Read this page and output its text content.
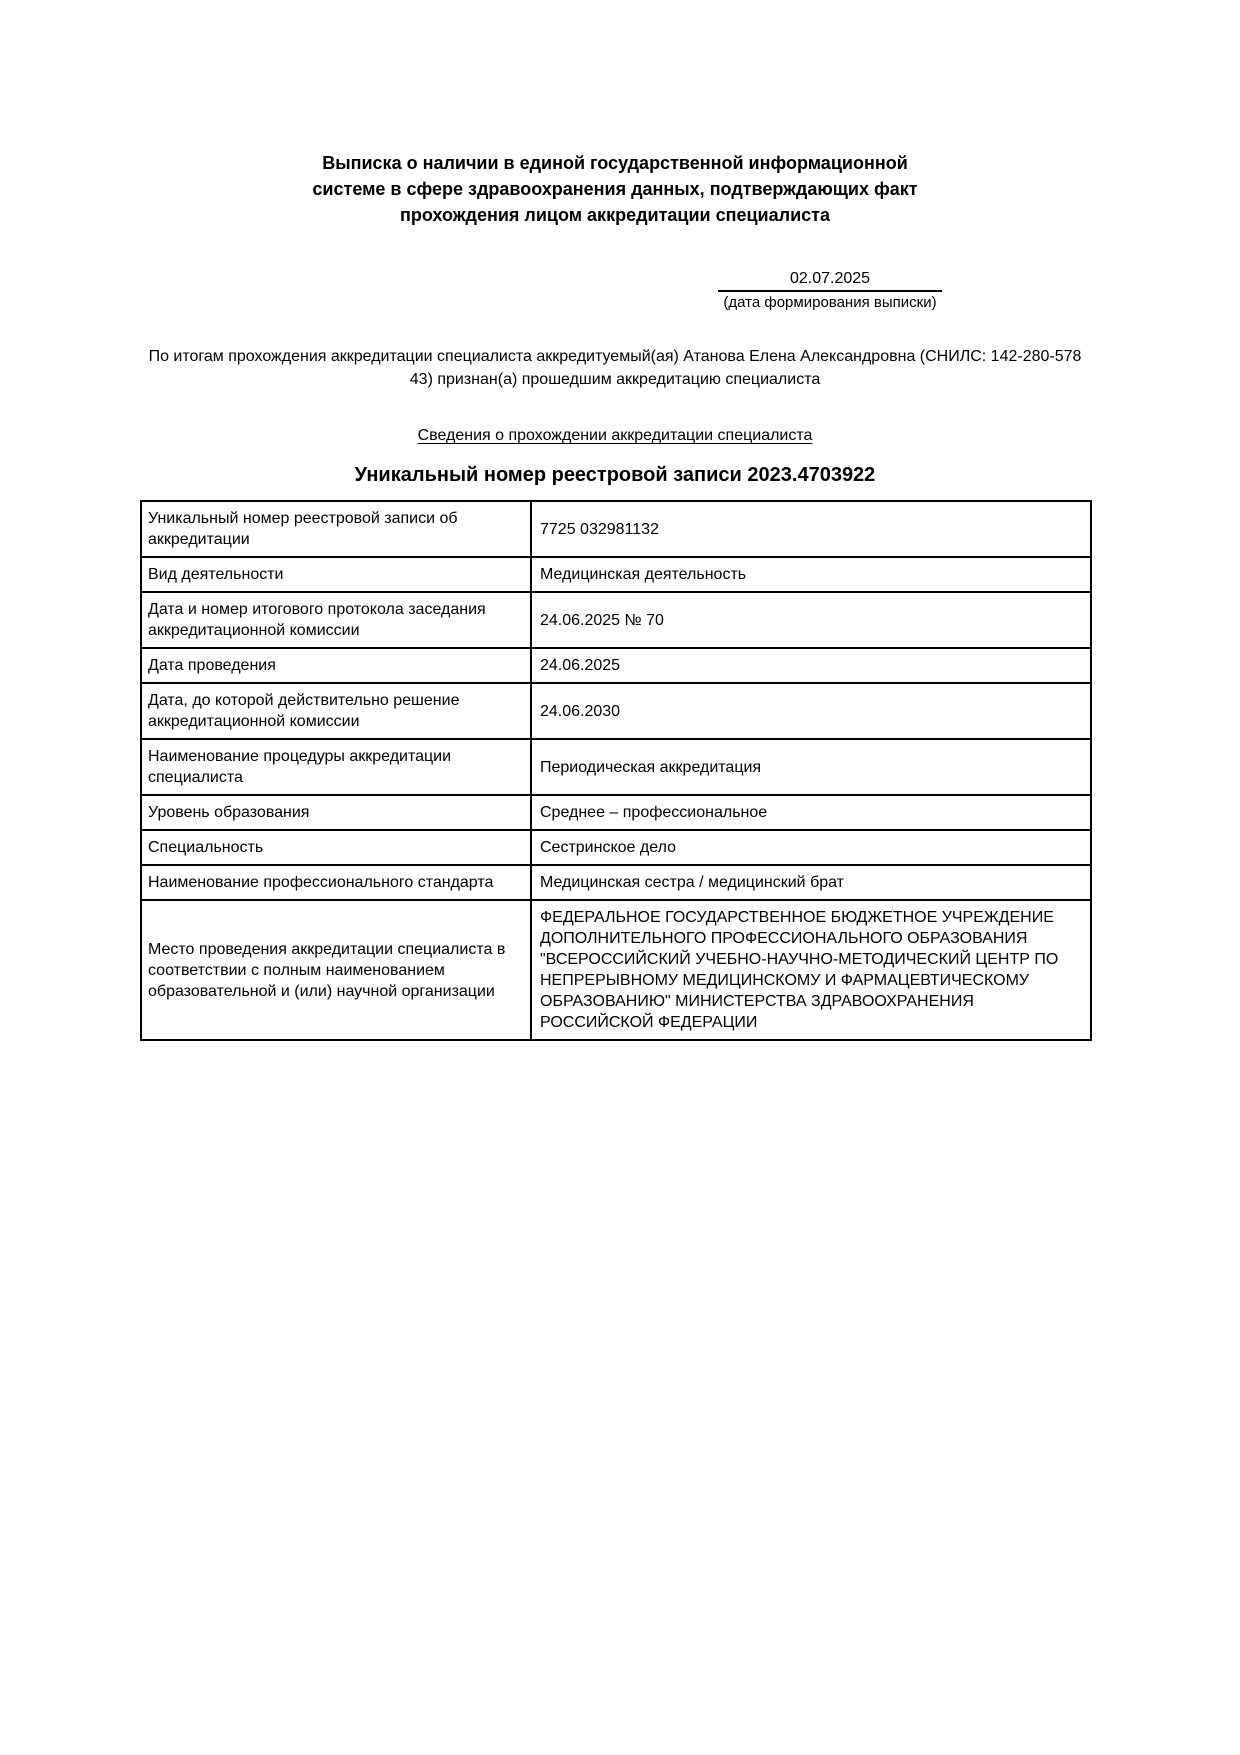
Выписка о наличии в единой государственной информационной
системе в сфере здравоохранения данных, подтверждающих факт
прохождения лицом аккредитации специалиста
02.07.2025
(дата формирования выписки)

По итогам прохождения аккредитации специалиста аккредитуемый(ая) Атанова Елена Александровна (СНИЛС: 142-280-578
43) признан(а) прошедшим аккредитацию специалиста

Сведения о прохождении аккредитации специалиста
Уникальный номер реестровой записи 2023.4703922
Уникальный номер реестровой записи об аккредитации	7725 032981132
Вид деятельности	Медицинская деятельность
Дата и номер итогового протокола заседания аккредитационной комиссии	24.06.2025 № 70
Дата проведения	24.06.2025
Дата, до которой действительно решение аккредитационной комиссии	24.06.2030
Наименование процедуры аккредитации специалиста	Периодическая аккредитация
Уровень образования	Среднее – профессиональное
Специальность	Сестринское дело
Наименование профессионального стандарта	Медицинская сестра / медицинский брат
Место проведения аккредитации специалиста в соответствии с полным наименованием образовательной и (или) научной организации	ФЕДЕРАЛЬНОЕ ГОСУДАРСТВЕННОЕ БЮДЖЕТНОЕ УЧРЕЖДЕНИЕ ДОПОЛНИТЕЛЬНОГО ПРОФЕССИОНАЛЬНОГО ОБРАЗОВАНИЯ "ВСЕРОССИЙСКИЙ УЧЕБНО-НАУЧНО-МЕТОДИЧЕСКИЙ ЦЕНТР ПО НЕПРЕРЫВНОМУ МЕДИЦИНСКОМУ И ФАРМАЦЕВТИЧЕСКОМУ ОБРАЗОВАНИЮ" МИНИСТЕРСТВА ЗДРАВООХРАНЕНИЯ РОССИЙСКОЙ ФЕДЕРАЦИИ
